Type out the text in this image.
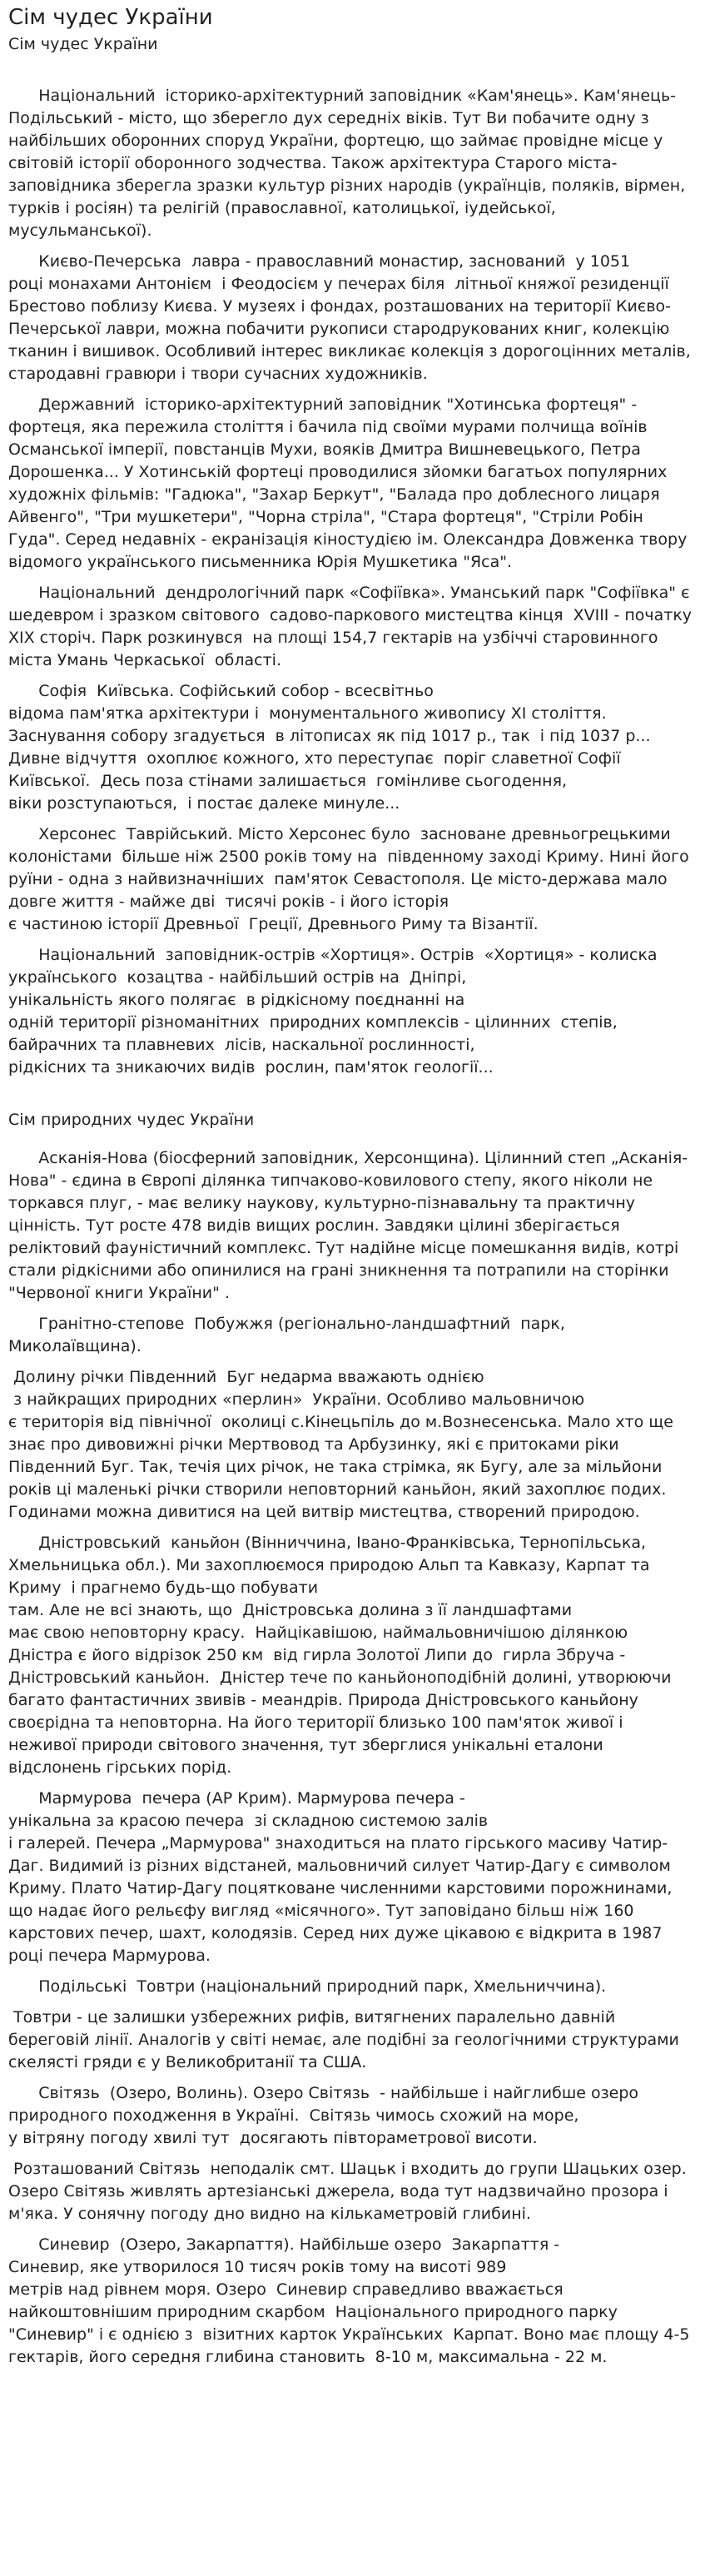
Сім чудес України
Сім чудес України

Національний  історико-архітектурний заповідник «Кам'янець». Кам'янець-Подільський - місто, що зберегло дух середніх віків. Тут Ви побачите одну з найбільших оборонних споруд України, фортецю, що займає провідне місце у світовій історії оборонного зодчества. Також архітектура Старого міста-заповідника зберегла зразки культур різних народів (українців, поляків, вірмен, турків і росіян) та релігій (православної, католицької, іудейської, мусульманської).

Києво-Печерська  лавра - православний монастир, заснований  у 1051
році монахами Антонієм  і Феодосієм у печерах біля  літньої княжої резиденції Брестово поблизу Києва. У музеях і фондах, розташованих на території Києво-Печерської лаври, можна побачити рукописи стародрукованих книг, колекцію тканин і вишивок. Особливий інтерес викликає колекція з дорогоцінних металів, стародавні гравюри і твори сучасних художників.

Державний  історико-архітектурний заповідник "Хотинська фортеця" - фортеця, яка пережила століття і бачила під своїми мурами полчища воїнів Османської імперії, повстанців Мухи, вояків Дмитра Вишневецького, Петра Дорошенка... У Хотинській фортеці проводилися зйомки багатьох популярних художніх фільмів: "Гадюка", "Захар Беркут", "Балада про доблесного лицаря Айвенго", "Три мушкетери", "Чорна стріла", "Стара фортеця", "Стріли Робін Гуда". Серед недавніх - екранізація кіностудією ім. Олександра Довженка твору відомого українського письменника Юрія Мушкетика "Яса".

Національний  дендрологічний парк «Софіївка». Уманський парк "Софіївка" є шедевром і зразком світового  садово-паркового мистецтва кінця  XVIII - початку XIX сторіч. Парк розкинувся  на площі 154,7 гектарів на узбіччі старовинного міста Умань Черкаської  області.

Софія  Київська. Софійський собор - всесвітньо
відома пам'ятка архітектури і  монументального живопису XI століття. Заснування собору згадується  в літописах як під 1017 р., так  і під 1037 р... Дивне відчуття  охоплює кожного, хто переступає  поріг славетної Софії Київської.  Десь поза стінами залишається  гомінливе сьогодення,
віки розступаються,  і постає далеке минуле...

Херсонес  Таврійський. Місто Херсонес було  засноване древньогрецькими колоністами  більше ніж 2500 років тому на  південному заході Криму. Нині його руїни - одна з найвизначніших  пам'яток Севастополя. Це місто-держава мало довге життя - майже дві  тисячі років - і його історія
є частиною історії Древньої  Греції, Древнього Риму та Візантії.

Національний  заповідник-острів «Хортиця». Острів  «Хортиця» - колиска українського  козацтва - найбільший острів на  Дніпрі,
унікальність якого полягає  в рідкісному поєднанні на
одній території різноманітних  природних комплексів - цілинних  степів,
байрачних та плавневих  лісів, наскальної рослинності,
рідкісних та зникаючих видів  рослин, пам'яток геології...

Сім природних чудес України

Асканія-Нова (біосферний заповідник, Херсонщина). Цілинний степ „Асканія-Нова" - єдина в Європі ділянка типчаково-ковилового степу, якого ніколи не торкався плуг, - має велику наукову, культурно-пізнавальну та практичну цінність. Тут росте 478 видів вищих рослин. Завдяки цілині зберігається реліктовий фауністичний комплекс. Тут надійне місце помешкання видів, котрі стали рідкісними або опинилися на грані зникнення та потрапили на сторінки "Червоної книги України" .

Гранітно-степове  Побужжя (регіонально-ландшафтний  парк, Миколаївщина).

Долину річки Південний  Буг недарма вважають однією
з найкращих природних «перлин»  України. Особливо мальовничою
є територія від північної  околиці с.Кінецьпіль до м.Вознесенська. Мало хто ще знає про дивовижні річки Мертвовод та Арбузинку, які є притоками ріки Південний Буг. Так, течія цих річок, не така стрімка, як Бугу, але за мільйони років ці маленькі річки створили неповторний каньйон, який захоплює подих. Годинами можна дивитися на цей витвір мистецтва, створений природою.

Дністровський  каньйон (Вінниччина, Івано-Франківська, Тернопільська, Хмельницька обл.). Ми захоплюємося природою Альп та Кавказу, Карпат та Криму  і прагнемо будь-що побувати
там. Але не всі знають, що  Дністровська долина з її ландшафтами
має свою неповторну красу.  Найцікавішою, наймальовничішою ділянкою Дністра є його відрізок 250 км  від гирла Золотої Липи до  гирла Збруча - Дністровський каньйон.  Дністер тече по каньйоноподібній долині, утворюючи багато фантастичних звивів - меандрів. Природа Дністровського каньйону своєрідна та неповторна. На його території близько 100 пам'яток живої і неживої природи світового значення, тут зберглися унікальні еталони відслонень гірських порід.

Мармурова  печера (АР Крим). Мармурова печера -
унікальна за красою печера  зі складною системою залів
і галерей. Печера „Мармурова" знаходиться на плато гірського масиву Чатир-Даг. Видимий із різних відстаней, мальовничий силует Чатир-Дагу є символом Криму. Плато Чатир-Дагу поцятковане численними карстовими порожнинами, що надає його рельєфу вигляд «місячного». Тут заповідано більш ніж 160 карстових печер, шахт, колодязів. Серед них дуже цікавою є відкрита в 1987 році печера Мармурова.

Подільські  Товтри (національний природний парк, Хмельниччина).

Товтри - це залишки узбережних рифів, витягнених паралельно давній береговій лінії. Аналогів у світі немає, але подібні за геологічними структурами скелясті гряди є у Великобританії та США.

Світязь  (Озеро, Волинь). Озеро Світязь  - найбільше і найглибше озеро природного походження в Україні.  Світязь чимось схожий на море,
у вітряну погоду хвилі тут  досягають півтораметрової висоти.

Розташований Світязь  неподалік смт. Шацьк і входить до групи Шацьких озер. Озеро Світязь живлять артезіанські джерела, вода тут надзвичайно прозора і м'яка. У сонячну погоду дно видно на кількаметровій глибині.

Синевир  (Озеро, Закарпаття). Найбільше озеро  Закарпаття -
Синевир, яке утворилося 10 тисяч років тому на висоті 989
метрів над рівнем моря. Озеро  Синевир справедливо вважається найкоштовнішим природним скарбом  Національного природного парку "Синевир" і є однією з  візитних карток Українських  Карпат. Воно має площу 4-5 гектарів, його середня глибина становить  8-10 м, максимальна - 22 м.
